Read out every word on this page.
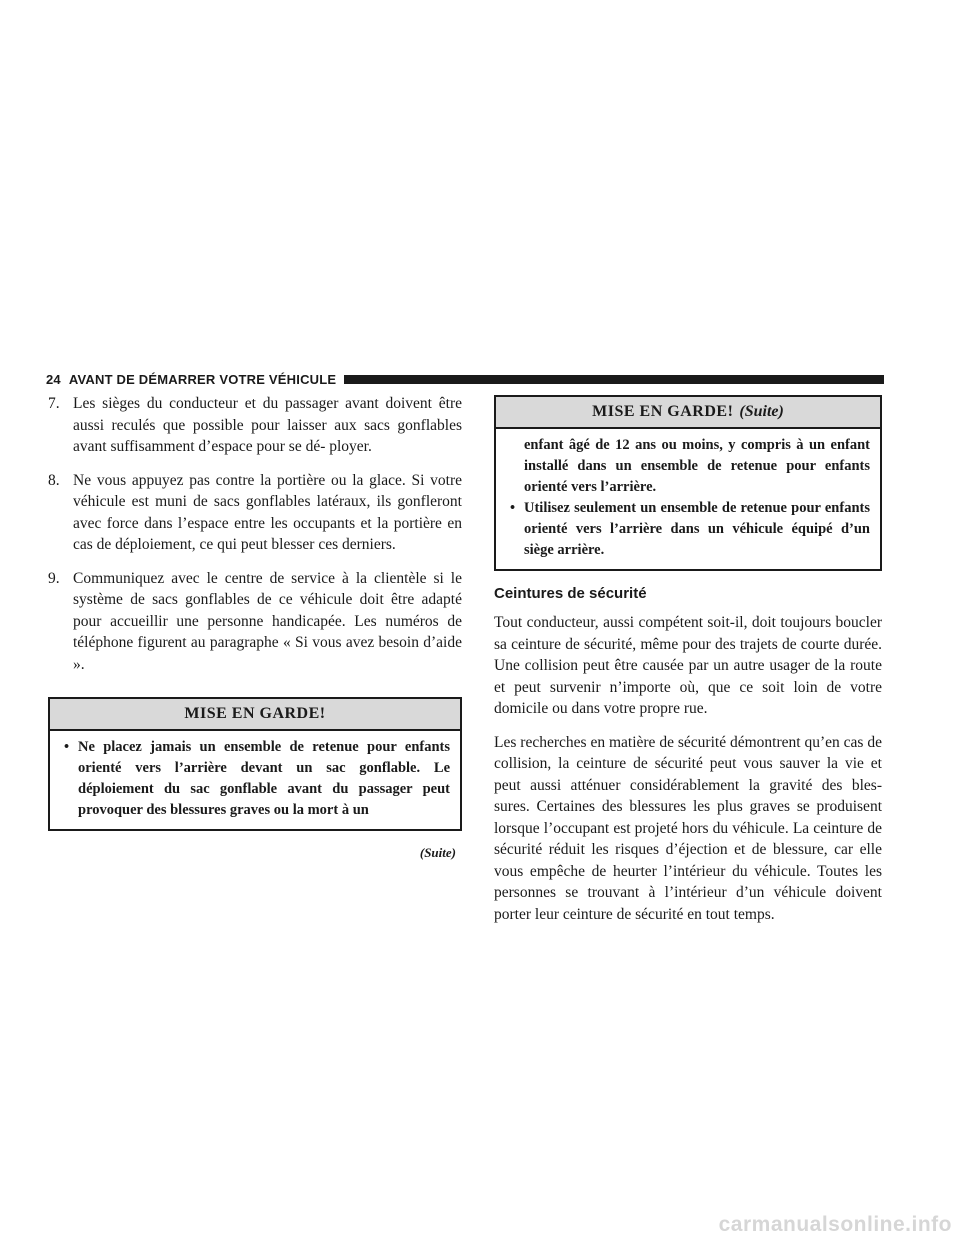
24 AVANT DE DÉMARRER VOTRE VÉHICULE
7. Les sièges du conducteur et du passager avant doivent être aussi reculés que possible pour laisser aux sacs gonflables avant suffisamment d’espace pour se dé- ployer.

8. Ne vous appuyez pas contre la portière ou la glace. Si votre véhicule est muni de sacs gonflables latéraux, ils gonfleront avec force dans l’espace entre les occupants et la portière en cas de déploiement, ce qui peut blesser ces derniers.

9. Communiquez avec le centre de service à la clientèle si le système de sacs gonflables de ce véhicule doit être adapté pour accueillir une personne handicapée. Les numéros de téléphone figurent au paragraphe « Si vous avez besoin d’aide ».

MISE EN GARDE!
• Ne placez jamais un ensemble de retenue pour enfants orienté vers l’arrière devant un sac gonflable. Le déploiement du sac gonflable avant du passager peut provoquer des blessures graves ou la mort à un
(Suite)
MISE EN GARDE! (Suite)
enfant âgé de 12 ans ou moins, y compris à un enfant installé dans un ensemble de retenue pour enfants orienté vers l’arrière.
• Utilisez seulement un ensemble de retenue pour enfants orienté vers l’arrière dans un véhicule équipé d’un siège arrière.
Ceintures de sécurité

Tout conducteur, aussi compétent soit-il, doit toujours boucler sa ceinture de sécurité, même pour des trajets de courte durée. Une collision peut être causée par un autre usager de la route et peut survenir n’importe où, que ce soit loin de votre domicile ou dans votre propre rue.

Les recherches en matière de sécurité démontrent qu’en cas de collision, la ceinture de sécurité peut vous sauver la vie et peut aussi atténuer considérablement la gravité des bles- sures. Certaines des blessures les plus graves se produisent lorsque l’occupant est projeté hors du véhicule. La ceinture de sécurité réduit les risques d’éjection et de blessure, car elle vous empêche de heurter l’intérieur du véhicule. Toutes les personnes se trouvant à l’intérieur d’un véhicule doivent porter leur ceinture de sécurité en tout temps.

carmanualsonline.info
